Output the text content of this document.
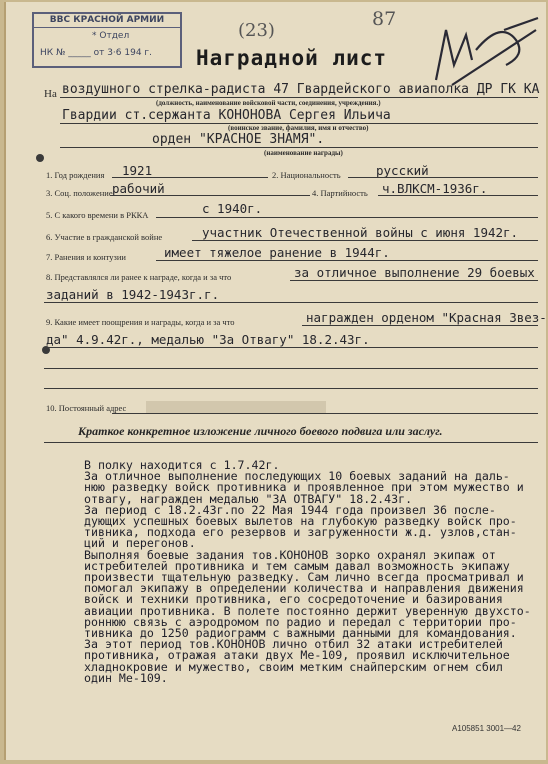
ВВС КРАСНОЙ АРМИИ
* Отдел
НК № _____ от 3·6 194 г.
(23)
87
Наградной лист
На воздушного стрелка-радиста 47 Гвардейского авиаполка ДР ГК КА
(должность, наименование войсковой части, соединения, учреждения.)
Гвардии ст.сержанта КОНОНОВА Сергея Ильича
(воинское звание, фамилия, имя и отчество)
орден "КРАСНОЕ ЗНАМЯ".
(наименование награды)
1. Год рождения 1921	2. Национальность	русский
3. Соц. положение рабочий	4. Партийность ч.ВЛКСМ-1936г.
5. С какого времени в РККА	с 1940г.
6. Участие в гражданской войне	участник Отечественной войны с июня 1942г.
7. Ранения и контузии	имеет тяжелое ранение в 1944г.
8. Представлялся ли ранее к награде, когда и за что	за отличное выполнение 29 боевых
заданий в 1942-1943г.г.
9. Какие имеет поощрения и награды, когда и за что	награжден орденом "Красная Звез-
да" 4.9.42г., медалью "За Отвагу" 18.2.43г.
10. Постоянный адрес
Краткое конкретное изложение личного боевого подвига или заслуг.
В полку находится с 1.7.42г.
За отличное выполнение последующих 10 боевых заданий на даль-
нюю разведку войск противника и проявленное при этом мужество и
отвагу, награжден медалью "ЗА ОТВАГУ" 18.2.43г.
За период с 18.2.43г.по 22 Мая 1944 года произвел 36 после-
дующих успешных боевых вылетов на глубокую разведку войск про-
тивника, подхода его резервов и загруженности ж.д. узлов,стан-
ций и перегонов.
Выполняя боевые задания тов.КОНОНОВ зорко охранял экипаж от
истребителей противника и тем самым давал возможность экипажу
произвести тщательную разведку. Сам лично всегда просматривал и
помогал экипажу в определении количества и направления движения
войск и техники противника, его сосредоточение и базирования
авиации противника. В полете постоянно держит уверенную двухсто-
роннюю связь с аэродромом по радио и передал с территории про-
тивника до 1250 радиограмм с важными данными для командования.
За этот период тов.КОНОНОВ лично отбил 32 атаки истребителей
противника, отражая атаки двух Ме-109, проявил исключительное
хладнокровие и мужество, своим метким снайперским огнем сбил
один Ме-109.
А105851 3001—42
